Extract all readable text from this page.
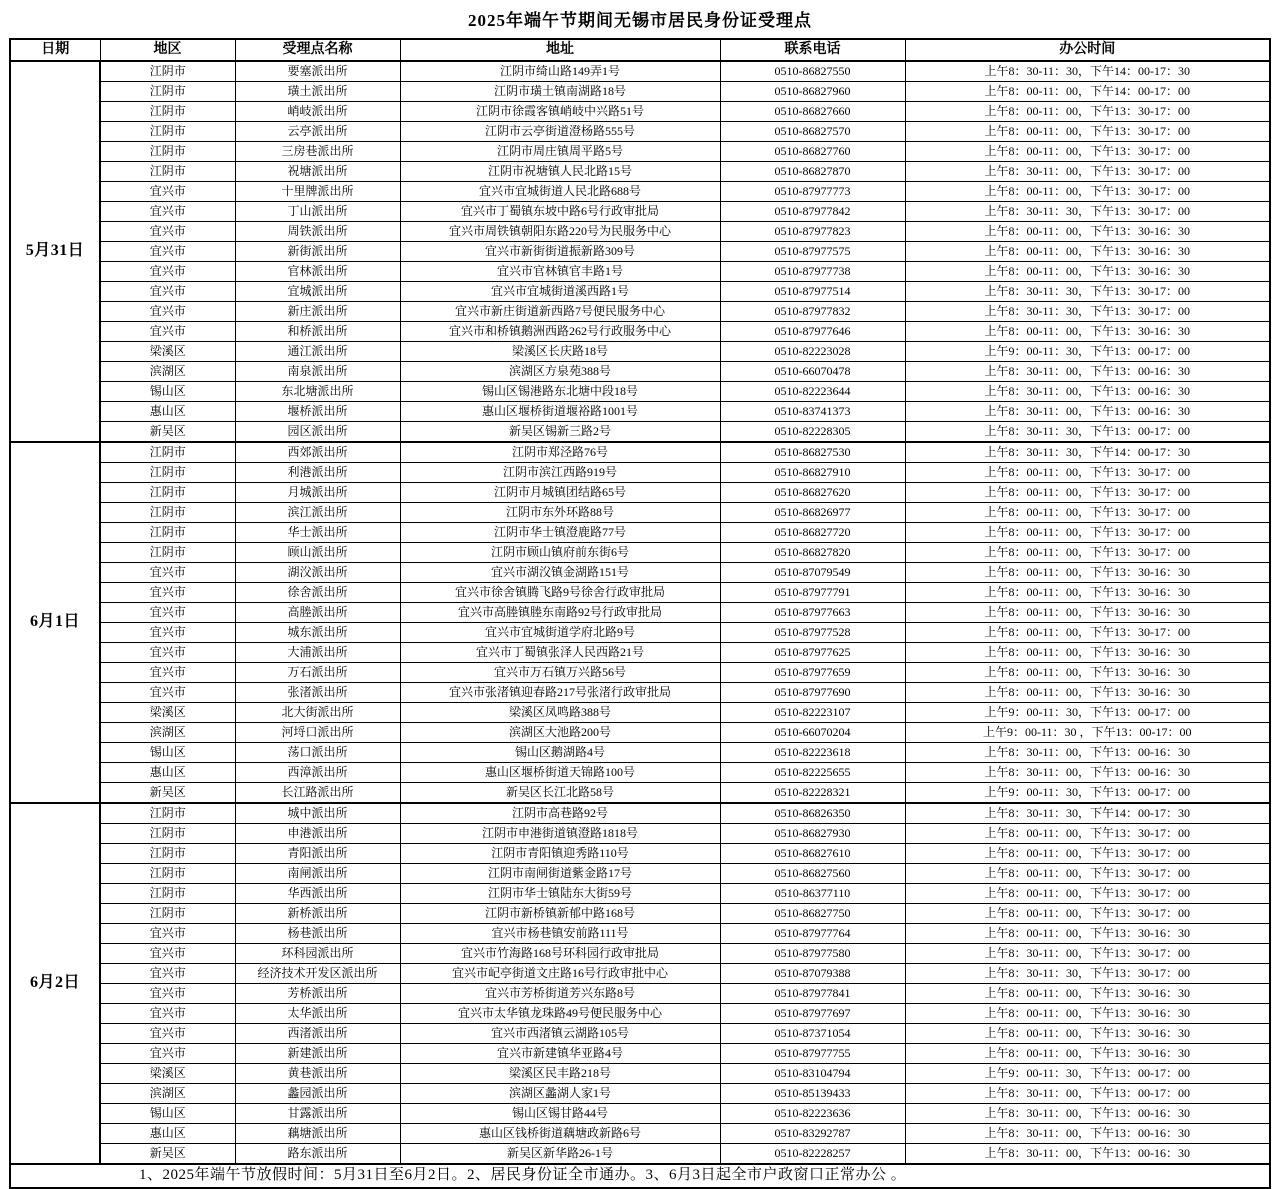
2025年端午节期间无锡市居民身份证受理点
日期	地区	受理点名称	地址	联系电话	办公时间
5月31日	江阴市	要塞派出所	江阴市绮山路149弄1号	0510-86827550	上午8：30-11：30，下午14：00-17：30
	江阴市	璜土派出所	江阴市璜土镇南湖路18号	0510-86827960	上午8：00-11：00，下午14：00-17：00
	江阴市	峭岐派出所	江阴市徐霞客镇峭岐中兴路51号	0510-86827660	上午8：00-11：00，下午13：30-17：00
	江阴市	云亭派出所	江阴市云亭街道澄杨路555号	0510-86827570	上午8：00-11：00，下午13：30-17：00
	江阴市	三房巷派出所	江阴市周庄镇周平路5号	0510-86827760	上午8：00-11：00，下午13：30-17：00
	江阴市	祝塘派出所	江阴市祝塘镇人民北路15号	0510-86827870	上午8：30-11：00，下午13：30-17：00
	宜兴市	十里牌派出所	宜兴市宜城街道人民北路688号	0510-87977773	上午8：00-11：00，下午13：30-17：00
	宜兴市	丁山派出所	宜兴市丁蜀镇东坡中路6号行政审批局	0510-87977842	上午8：30-11：30，下午13：30-17：00
	宜兴市	周铁派出所	宜兴市周铁镇朝阳东路220号为民服务中心	0510-87977823	上午8：00-11：00，下午13：30-16：30
	宜兴市	新街派出所	宜兴市新街街道振新路309号	0510-87977575	上午8：00-11：00，下午13：30-16：30
	宜兴市	官林派出所	宜兴市官林镇官丰路1号	0510-87977738	上午8：00-11：00，下午13：30-16：30
	宜兴市	宜城派出所	宜兴市宜城街道溪西路1号	0510-87977514	上午8：30-11：30，下午13：30-17：00
	宜兴市	新庄派出所	宜兴市新庄街道新西路7号便民服务中心	0510-87977832	上午8：30-11：30，下午13：30-17：00
	宜兴市	和桥派出所	宜兴市和桥镇鹅洲西路262号行政服务中心	0510-87977646	上午8：00-11：00，下午13：30-16：30
	梁溪区	通江派出所	梁溪区长庆路18号	0510-82223028	上午9：00-11：30，下午13：00-17：00
	滨湖区	南泉派出所	滨湖区方泉苑388号	0510-66070478	上午8：30-11：00，下午13：00-16：30
	锡山区	东北塘派出所	锡山区锡港路东北塘中段18号	0510-82223644	上午8：30-11：00，下午13：00-16：30
	惠山区	堰桥派出所	惠山区堰桥街道堰裕路1001号	0510-83741373	上午8：30-11：00，下午13：00-16：30
	新吴区	园区派出所	新吴区锡新三路2号	0510-82228305	上午8：30-11：30，下午13：00-17：00
6月1日	江阴市	西郊派出所	江阴市郑泾路76号	0510-86827530	上午8：30-11：30，下午14：00-17：30
	江阴市	利港派出所	江阴市滨江西路919号	0510-86827910	上午8：00-11：00，下午13：30-17：00
	江阴市	月城派出所	江阴市月城镇团结路65号	0510-86827620	上午8：00-11：00，下午13：30-17：00
	江阴市	滨江派出所	江阴市东外环路88号	0510-86826977	上午8：00-11：00，下午13：30-17：00
	江阴市	华士派出所	江阴市华士镇澄鹿路77号	0510-86827720	上午8：00-11：00，下午13：30-17：00
	江阴市	顾山派出所	江阴市顾山镇府前东街6号	0510-86827820	上午8：00-11：00，下午13：30-17：00
	宜兴市	湖㳇派出所	宜兴市湖㳇镇金湖路151号	0510-87079549	上午8：00-11：00，下午13：30-16：30
	宜兴市	徐舍派出所	宜兴市徐舍镇腾飞路9号徐舍行政审批局	0510-87977791	上午8：00-11：00，下午13：30-16：30
	宜兴市	高塍派出所	宜兴市高塍镇塍东南路92号行政审批局	0510-87977663	上午8：00-11：00，下午13：30-16：30
	宜兴市	城东派出所	宜兴市宜城街道学府北路9号	0510-87977528	上午8：00-11：00，下午13：30-17：00
	宜兴市	大浦派出所	宜兴市丁蜀镇张泽人民西路21号	0510-87977625	上午8：00-11：00，下午13：30-16：30
	宜兴市	万石派出所	宜兴市万石镇万兴路56号	0510-87977659	上午8：00-11：00，下午13：30-16：30
	宜兴市	张渚派出所	宜兴市张渚镇迎春路217号张渚行政审批局	0510-87977690	上午8：00-11：00，下午13：30-16：30
	梁溪区	北大街派出所	梁溪区凤鸣路388号	0510-82223107	上午9：00-11：30，下午13：00-17：00
	滨湖区	河埒口派出所	滨湖区大池路200号	0510-66070204	上午9：00-11：30 ，下午13：00-17：00
	锡山区	荡口派出所	锡山区鹅湖路4号	0510-82223618	上午8：30-11：00，下午13：00-16：30
	惠山区	西漳派出所	惠山区堰桥街道天锦路100号	0510-82225655	上午8：30-11：00，下午13：00-16：30
	新吴区	长江路派出所	新吴区长江北路58号	0510-82228321	上午9：00-11：30，下午13：00-17：00
6月2日	江阴市	城中派出所	江阴市高巷路92号	0510-86826350	上午8：30-11：30，下午14：00-17：30
	江阴市	申港派出所	江阴市申港街道镇澄路1818号	0510-86827930	上午8：00-11：00，下午13：30-17：00
	江阴市	青阳派出所	江阴市青阳镇迎秀路110号	0510-86827610	上午8：00-11：00，下午13：30-17：00
	江阴市	南闸派出所	江阴市南闸街道紫金路17号	0510-86827560	上午8：00-11：00，下午13：30-17：00
	江阴市	华西派出所	江阴市华士镇陆东大街59号	0510-86377110	上午8：00-11：00，下午13：30-17：00
	江阴市	新桥派出所	江阴市新桥镇新郁中路168号	0510-86827750	上午8：00-11：00，下午13：30-17：00
	宜兴市	杨巷派出所	宜兴市杨巷镇安前路111号	0510-87977764	上午8：00-11：00，下午13：30-16：30
	宜兴市	环科园派出所	宜兴市竹海路168号环科园行政审批局	0510-87977580	上午8：30-11：00，下午13：30-17：00
	宜兴市	经济技术开发区派出所	宜兴市屺亭街道文庄路16号行政审批中心	0510-87079388	上午8：30-11：30，下午13：30-17：00
	宜兴市	芳桥派出所	宜兴市芳桥街道芳兴东路8号	0510-87977841	上午8：00-11：00，下午13：30-16：30
	宜兴市	太华派出所	宜兴市太华镇龙珠路49号便民服务中心	0510-87977697	上午8：00-11：00，下午13：30-16：30
	宜兴市	西渚派出所	宜兴市西渚镇云湖路105号	0510-87371054	上午8：00-11：00，下午13：30-16：30
	宜兴市	新建派出所	宜兴市新建镇华亚路4号	0510-87977755	上午8：00-11：00，下午13：30-16：30
	梁溪区	黄巷派出所	梁溪区民丰路218号	0510-83104794	上午9：00-11：30，下午13：00-17：00
	滨湖区	蠡园派出所	滨湖区蠡湖人家1号	0510-85139433	上午8：30-11：00，下午13：00-17：00
	锡山区	甘露派出所	锡山区锡甘路44号	0510-82223636	上午8：30-11：00，下午13：00-16：30
	惠山区	藕塘派出所	惠山区钱桥街道藕塘政新路6号	0510-83292787	上午8：30-11：00，下午13：00-16：30
	新吴区	路东派出所	新吴区新华路26-1号	0510-82228257	上午8：30-11：00，下午13：00-16：30
1、2025年端午节放假时间：5月31日至6月2日。2、居民身份证全市通办。3、6月3日起全市户政窗口正常办公 。					
